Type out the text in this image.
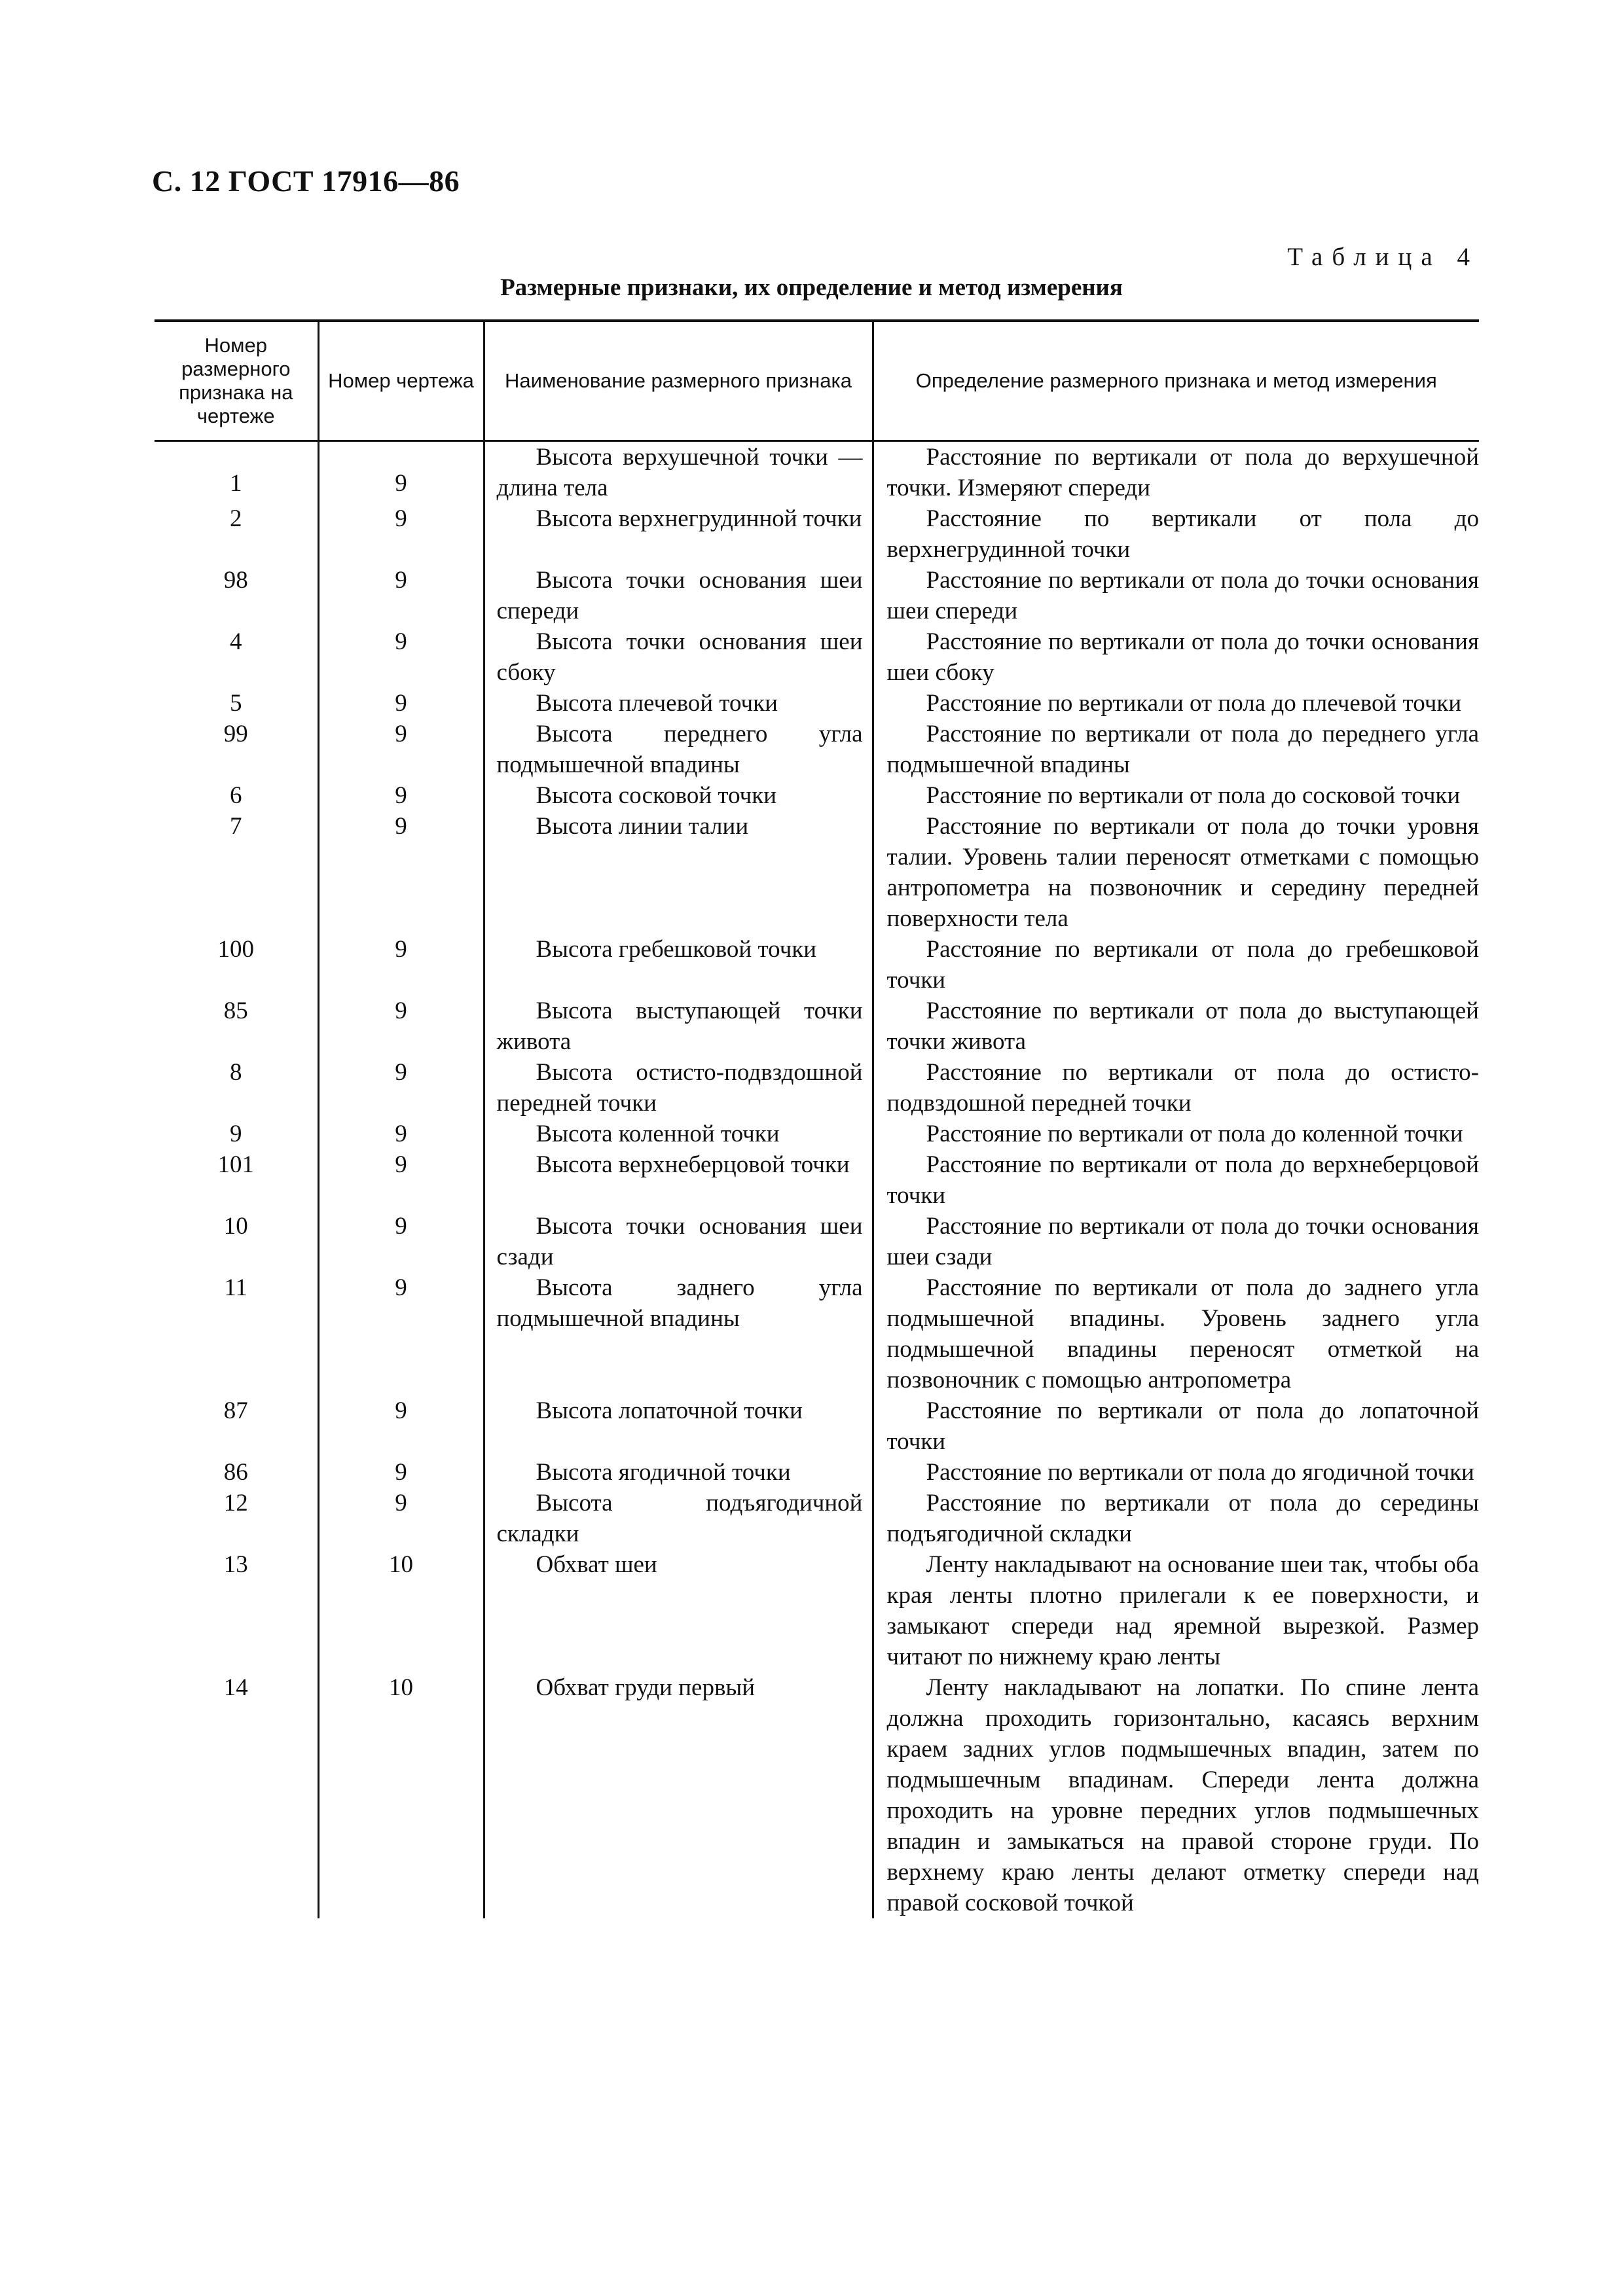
С. 12 ГОСТ 17916—86
Таблица 4
Размерные признаки, их определение и метод измерения
Номер размерного признака на чертеже	Номер чертежа	Наименование размерного признака	Определение размерного признака и метод измерения
1	9	Высота верхушечной точки — длина тела	Расстояние по вертикали от пола до верхушечной точки. Измеряют спереди
2	9	Высота верхнегрудинной точки	Расстояние по вертикали от пола до верхнегрудинной точки
98	9	Высота точки основания шеи спереди	Расстояние по вертикали от пола до точки основания шеи спереди
4	9	Высота точки основания шеи сбоку	Расстояние по вертикали от пола до точки основания шеи сбоку
5	9	Высота плечевой точки	Расстояние по вертикали от пола до плечевой точки
99	9	Высота переднего угла подмышечной впадины	Расстояние по вертикали от пола до переднего угла подмышечной впадины
6	9	Высота сосковой точки	Расстояние по вертикали от пола до сосковой точки
7	9	Высота линии талии	Расстояние по вертикали от пола до точки уровня талии. Уровень талии переносят отметками с помощью антропометра на позвоночник и середину передней поверхности тела
100	9	Высота гребешковой точки	Расстояние по вертикали от пола до гребешковой точки
85	9	Высота выступающей точки живота	Расстояние по вертикали от пола до выступающей точки живота
8	9	Высота остисто-подвздошной передней точки	Расстояние по вертикали от пола до остисто-подвздошной передней точки
9	9	Высота коленной точки	Расстояние по вертикали от пола до коленной точки
101	9	Высота верхнеберцовой точки	Расстояние по вертикали от пола до верхнеберцовой точки
10	9	Высота точки основания шеи сзади	Расстояние по вертикали от пола до точки основания шеи сзади
11	9	Высота заднего угла подмышечной впадины	Расстояние по вертикали от пола до заднего угла подмышечной впадины. Уровень заднего угла подмышечной впадины переносят отметкой на позвоночник с помощью антропометра
87	9	Высота лопаточной точки	Расстояние по вертикали от пола до лопаточной точки
86	9	Высота ягодичной точки	Расстояние по вертикали от пола до ягодичной точки
12	9	Высота подъягодичной складки	Расстояние по вертикали от пола до середины подъягодичной складки
13	10	Обхват шеи	Ленту накладывают на основание шеи так, чтобы оба края ленты плотно прилегали к ее поверхности, и замыкают спереди над яремной вырезкой. Размер читают по нижнему краю ленты
14	10	Обхват груди первый	Ленту накладывают на лопатки. По спине лента должна проходить горизонтально, касаясь верхним краем задних углов подмышечных впадин, затем по подмышечным впадинам. Спереди лента должна проходить на уровне передних углов подмышечных впадин и замыкаться на правой стороне груди. По верхнему краю ленты делают отметку спереди над правой сосковой точкой
